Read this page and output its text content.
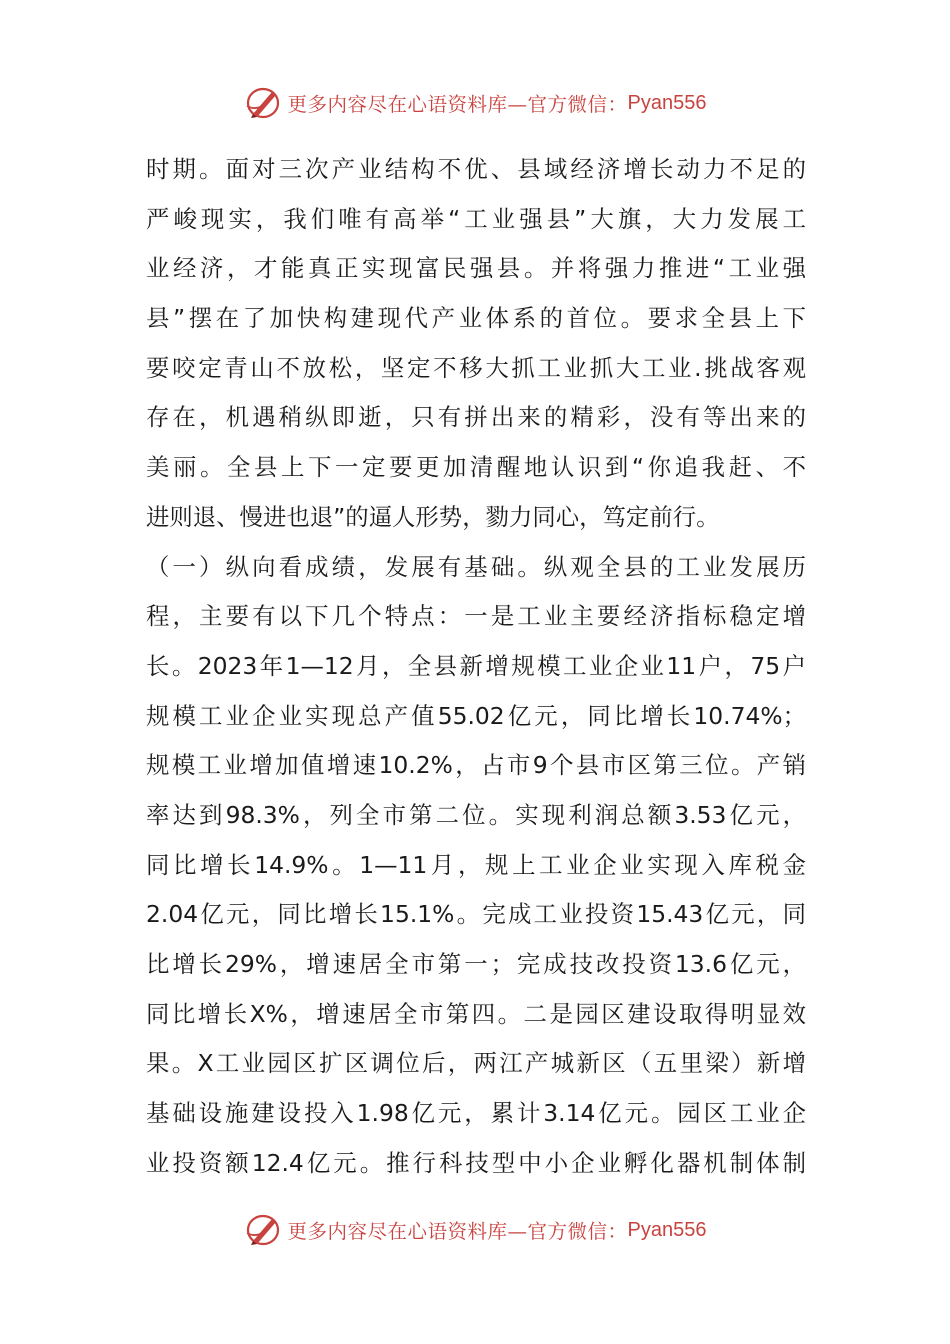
更多内容尽在心语资料库—官方微信： Pyan556
时期。面对三次产业结构不优、县域经济增长动力不足的
严峻现实，我们唯有高举“工业强县”大旗，大力发展工
业经济，才能真正实现富民强县。并将强力推进“工业强
县”摆在了加快构建现代产业体系的首位。要求全县上下
要咬定青山不放松，坚定不移大抓工业抓大工业.挑战客观
存在，机遇稍纵即逝，只有拼出来的精彩，没有等出来的
美丽。全县上下一定要更加清醒地认识到“你追我赶、不
进则退、慢进也退”的逼人形势，勠力同心，笃定前行。
（一）纵向看成绩，发展有基础。纵观全县的工业发展历
程，主要有以下几个特点：一是工业主要经济指标稳定增
长。2023年1—12月，全县新增规模工业企业11户，75户
规模工业企业实现总产值55.02亿元，同比增长10.74%；
规模工业增加值增速10.2%，占市9个县市区第三位。产销
率达到98.3%，列全市第二位。实现利润总额3.53亿元，
同比增长14.9%。1—11月，规上工业企业实现入库税金
2.04亿元，同比增长15.1%。完成工业投资15.43亿元，同
比增长29%，增速居全市第一；完成技改投资13.6亿元，
同比增长X%，增速居全市第四。二是园区建设取得明显效
果。X工业园区扩区调位后，两江产城新区（五里梁）新增
基础设施建设投入1.98亿元，累计3.14亿元。园区工业企
业投资额12.4亿元。推行科技型中小企业孵化器机制体制
更多内容尽在心语资料库—官方微信： Pyan556
